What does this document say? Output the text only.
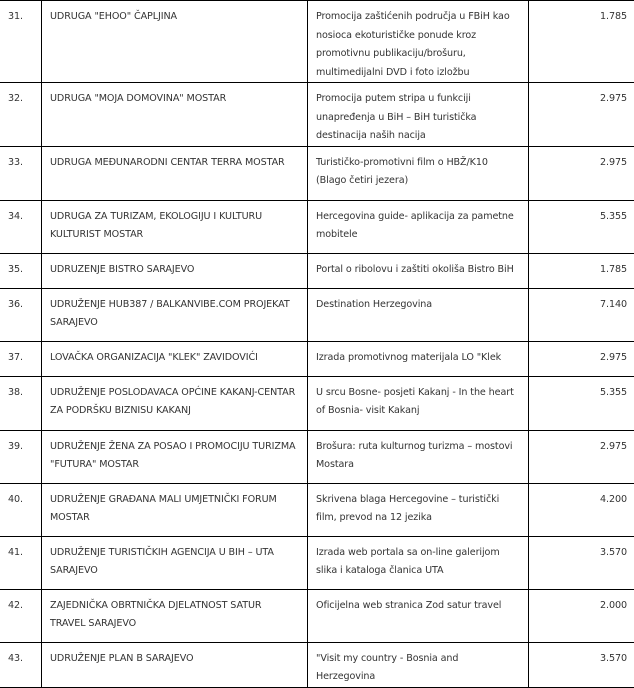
31.	UDRUGA "EHOO" ČAPLJINA	Promocija zaštićenih područja u FBiH kao nosioca ekoturističke ponude kroz promotivnu publikaciju/brošuru, multimedijalni DVD i foto izložbu	1.785
32.	UDRUGA "MOJA DOMOVINA" MOSTAR	Promocija putem stripa u funkciji unapređenja u BiH – BiH turistička destinacija naših nacija	2.975
33.	UDRUGA MEĐUNARODNI CENTAR TERRA MOSTAR	Turističko-promotivni film o HBŽ/K10 (Blago četiri jezera)	2.975
34.	UDRUGA ZA TURIZAM, EKOLOGIJU I KULTURU KULTURIST MOSTAR	Hercegovina guide- aplikacija za pametne mobitele	5.355
35.	UDRUZENJE BISTRO SARAJEVO	Portal o ribolovu i zaštiti okoliša Bistro BiH	1.785
36.	UDRUŽENJE HUB387 / BALKANVIBE.COM PROJEKAT SARAJEVO	Destination Herzegovina	7.140
37.	LOVAČKA ORGANIZACIJA "KLEK" ZAVIDOVIĆI	Izrada promotivnog materijala LO "Klek	2.975
38.	UDRUŽENJE POSLODAVACA OPĆINE KAKANJ-CENTAR ZA PODRŠKU BIZNISU KAKANJ	U srcu Bosne- posjeti Kakanj - In the heart of Bosnia- visit Kakanj	5.355
39.	UDRUŽENJE ŽENA ZA POSAO I PROMOCIJU TURIZMA "FUTURA" MOSTAR	Brošura: ruta kulturnog turizma – mostovi Mostara	2.975
40.	UDRUŽENJE GRAĐANA MALI UMJETNIČKI FORUM MOSTAR	Skrivena blaga Hercegovine – turistički film, prevod na 12 jezika	4.200
41.	UDRUŽENJE TURISTIČKIH AGENCIJA U BIH – UTA SARAJEVO	Izrada web portala sa on-line galerijom slika i kataloga članica UTA	3.570
42.	ZAJEDNIČKA OBRTNIČKA DJELATNOST SATUR TRAVEL SARAJEVO	Oficijelna web stranica Zod satur travel	2.000
43.	UDRUŽENJE PLAN B SARAJEVO	"Visit my country - Bosnia and Herzegovina	3.570
